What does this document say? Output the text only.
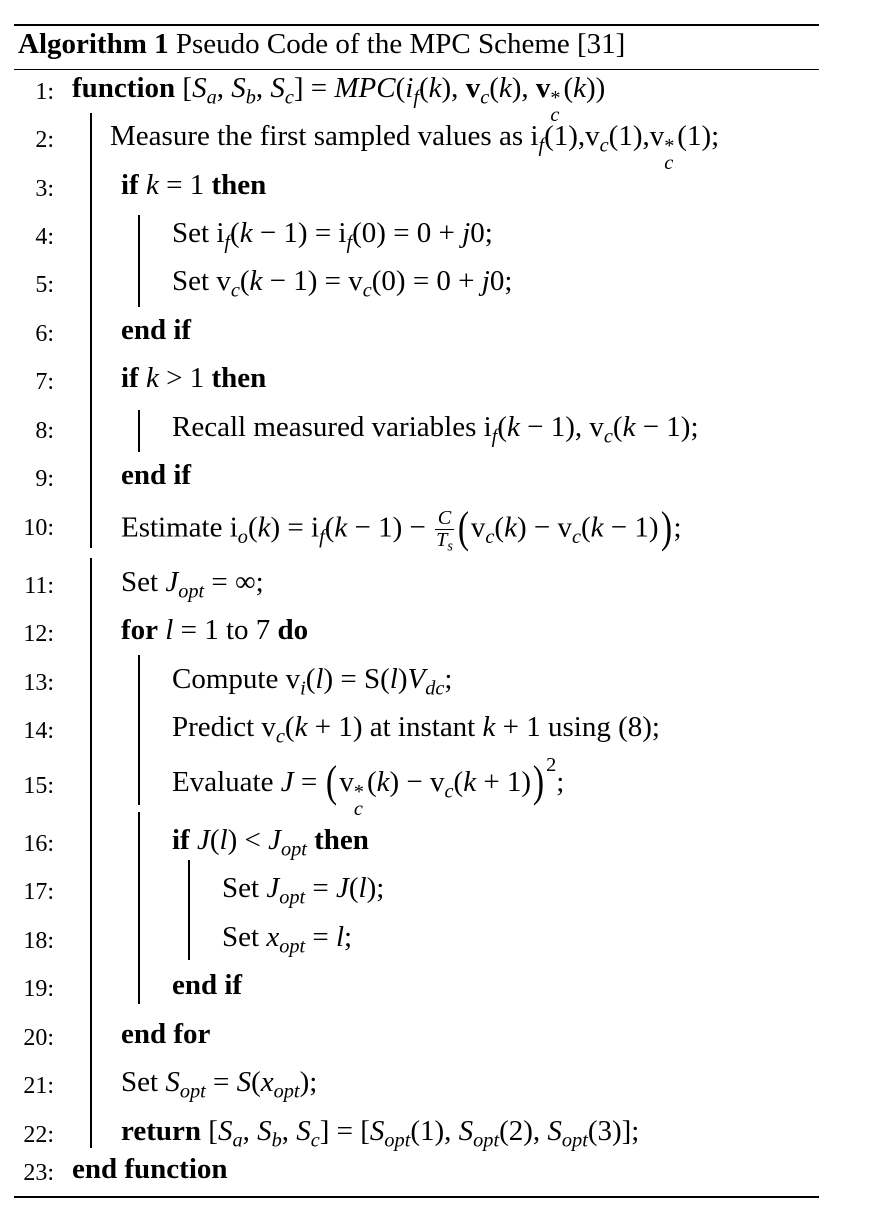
Algorithm 1 Pseudo Code of the MPC Scheme [31]
1:
2:
3:
4:
5:
6:
7:
8:
9:
10:
11:
12:
13:
14:
15:
16:
17:
18:
19:
20:
21:
22:
23:
function [$S_a$, $S_b$, $S_c] = MPC(i_f(k)$, $v_c(k)$, v *
c
(k))
Measure the first sampled values as $i_f(1),v_c(1),v$ *
c
(1);
if k = 1 then
Set $i_f(k - 1) = i_f(0) = 0 + j0$;
Set $v_c(k - 1) = v_c(0) = 0 + j0$;
end if
if k > 1 then
Recall measured variables $i_f(k - 1)$, $v_c(k - 1)$;
end if
Estimate $i_o(k) = i_f(k - 1) - \frac{C}{T_s} (v_c(k) - v_c(k - 1))$;
Set $J_{opt}$ = ∞;
for l = 1 to 7 do
Compute $v_i(l) = S(l)V_{dc}$;
Predict $v_c(k + 1)$ at instant k + 1 using (8);
Evaluate J = (v *
c
$(k) - v_c(k + 1))^2$;
if $J(l) < J_{opt}$ then
Set $J_{opt} = J(l)$;
Set $x_{opt} = l$;
end if
end for
Set $S_{opt} = S(x_{opt})$;
return [$S_a$, $S_b$, $S_c] = [S_{opt}(1)$, $S_{opt}(2)$, $S_{opt}(3)$];
end function
